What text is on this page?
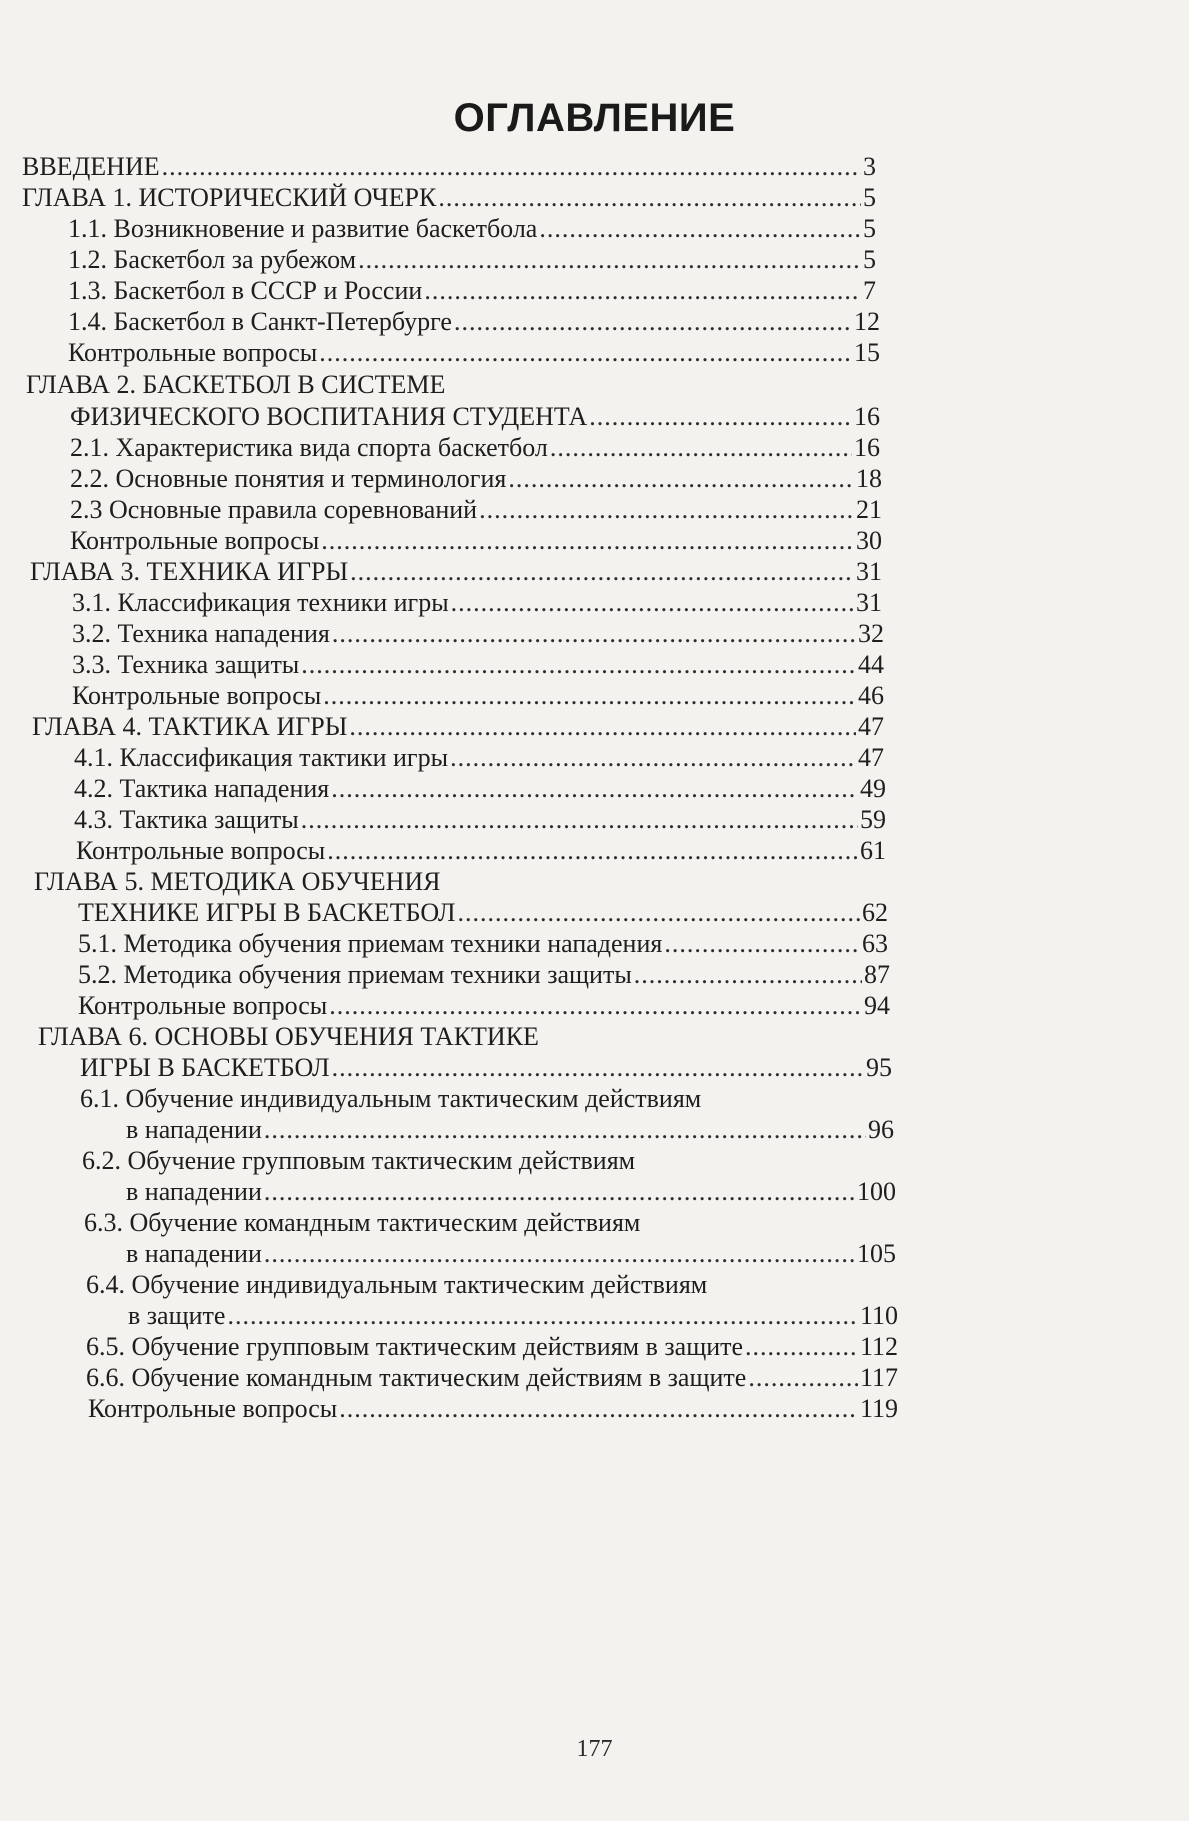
ОГЛАВЛЕНИЕ
ВВЕДЕНИЕ .....	3
ГЛАВА 1. ИСТОРИЧЕСКИЙ ОЧЕРК .....	5
1.1. Возникновение и развитие баскетбола .....	5
1.2. Баскетбол за рубежом .....	5
1.3. Баскетбол в СССР и России .....	7
1.4. Баскетбол в Санкт-Петербурге .....	12
Контрольные вопросы .....	15
ГЛАВА 2. БАСКЕТБОЛ В СИСТЕМЕ
ФИЗИЧЕСКОГО ВОСПИТАНИЯ СТУДЕНТА .....	16
2.1. Характеристика вида спорта баскетбол .....	16
2.2. Основные понятия и терминология .....	18
2.3 Основные правила соревнований .....	21
Контрольные вопросы .....	30
ГЛАВА 3. ТЕХНИКА ИГРЫ .....	31
3.1. Классификация техники игры .....	31
3.2. Техника нападения .....	32
3.3. Техника защиты .....	44
Контрольные вопросы .....	46
ГЛАВА 4. ТАКТИКА ИГРЫ .....	47
4.1. Классификация тактики игры .....	47
4.2. Тактика нападения .....	49
4.3. Тактика защиты .....	59
Контрольные вопросы .....	61
ГЛАВА 5. МЕТОДИКА ОБУЧЕНИЯ
ТЕХНИКЕ ИГРЫ В БАСКЕТБОЛ .....	62
5.1. Методика обучения приемам техники нападения .....	63
5.2. Методика обучения приемам техники защиты .....	87
Контрольные вопросы .....	94
ГЛАВА 6. ОСНОВЫ ОБУЧЕНИЯ ТАКТИКЕ
ИГРЫ В БАСКЕТБОЛ .....	95
6.1. Обучение индивидуальным тактическим действиям
в нападении .....	96
6.2. Обучение групповым тактическим действиям
в нападении .....	100
6.3. Обучение командным тактическим действиям
в нападении .....	105
6.4. Обучение индивидуальным тактическим действиям
в защите .....	110
6.5. Обучение групповым тактическим действиям в защите .....	112
6.6. Обучение командным тактическим действиям в защите .....	117
Контрольные вопросы .....	119
177
